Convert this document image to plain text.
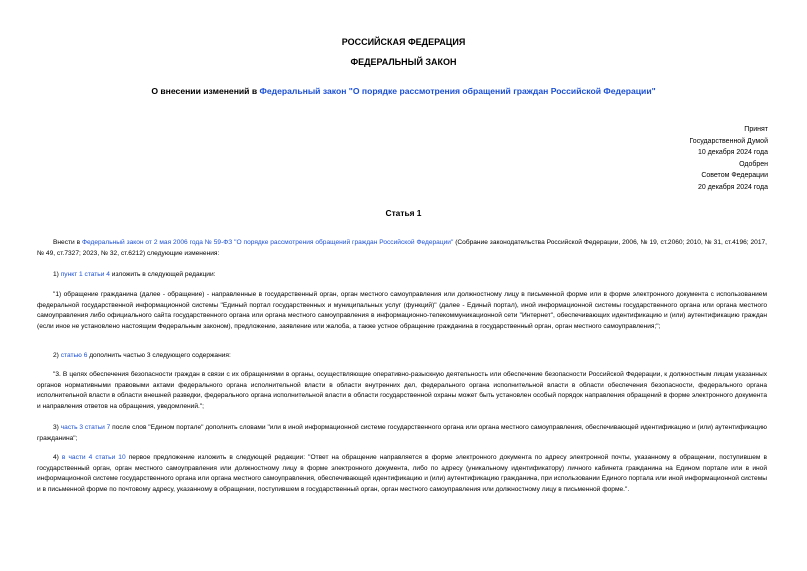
РОССИЙСКАЯ ФЕДЕРАЦИЯ
ФЕДЕРАЛЬНЫЙ ЗАКОН
О внесении изменений в Федеральный закон "О порядке рассмотрения обращений граждан Российской Федерации"
Принят
Государственной Думой
10 декабря 2024 года
Одобрен
Советом Федерации
20 декабря 2024 года
Статья 1

Внести в Федеральный закон от 2 мая 2006 года № 59-ФЗ "О порядке рассмотрения обращений граждан Российской Федерации" (Собрание законодательства Российской Федерации, 2006, № 19, ст.2060; 2010, № 31, ст.4196; 2017, № 49, ст.7327; 2023, № 32, ст.6212) следующие изменения:

1) пункт 1 статьи 4 изложить в следующей редакции:

"1) обращение гражданина (далее - обращение) - направленные в государственный орган, орган местного самоуправления или должностному лицу в письменной форме или в форме электронного документа с использованием федеральной государственной информационной системы "Единый портал государственных и муниципальных услуг (функций)" (далее - Единый портал), иной информационной системы государственного органа или органа местного самоуправления либо официального сайта государственного органа или органа местного самоуправления в информационно-телекоммуникационной сети "Интернет", обеспечивающих идентификацию и (или) аутентификацию граждан (если иное не установлено настоящим Федеральным законом), предложение, заявление или жалоба, а также устное обращение гражданина в государственный орган, орган местного самоуправления;";

2) статью 6 дополнить частью 3 следующего содержания:

"3. В целях обеспечения безопасности граждан в связи с их обращениями в органы, осуществляющие оперативно-разыскную деятельность или обеспечение безопасности Российской Федерации, к должностным лицам указанных органов нормативными правовыми актами федерального органа исполнительной власти в области внутренних дел, федерального органа исполнительной власти в области обеспечения безопасности, федерального органа исполнительной власти в области внешней разведки, федерального органа исполнительной власти в области государственной охраны может быть установлен особый порядок направления обращений в форме электронного документа и направления ответов на обращения, уведомлений.";

3) часть 3 статьи 7 после слов "Едином портале" дополнить словами "или в иной информационной системе государственного органа или органа местного самоуправления, обеспечивающей идентификацию и (или) аутентификацию гражданина";

4) в части 4 статьи 10 первое предложение изложить в следующей редакции: "Ответ на обращение направляется в форме электронного документа по адресу электронной почты, указанному в обращении, поступившем в государственный орган, орган местного самоуправления или должностному лицу в форме электронного документа, либо по адресу (уникальному идентификатору) личного кабинета гражданина на Едином портале или в иной информационной системе государственного органа или органа местного самоуправления, обеспечивающей идентификацию и (или) аутентификацию гражданина, при использовании Единого портала или иной информационной системы и в письменной форме по почтовому адресу, указанному в обращении, поступившем в государственный орган, орган местного самоуправления или должностному лицу в письменной форме.".
